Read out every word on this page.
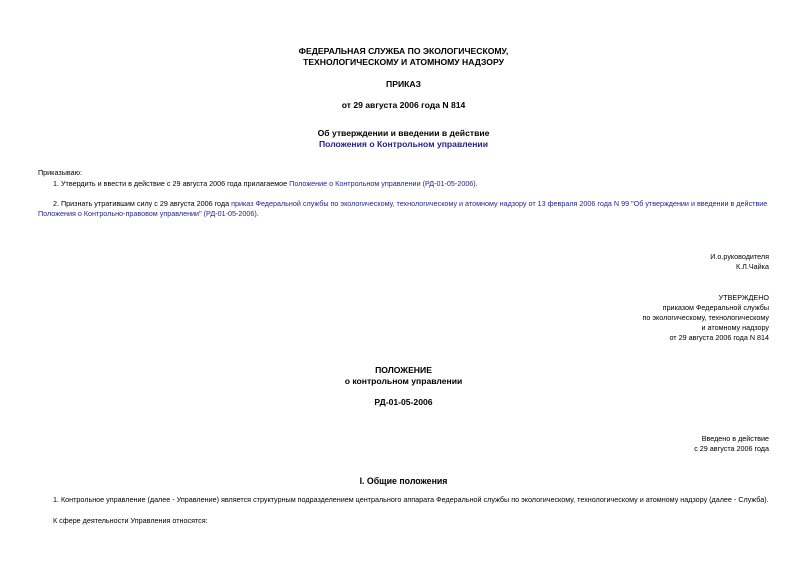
ФЕДЕРАЛЬНАЯ СЛУЖБА ПО ЭКОЛОГИЧЕСКОМУ,
ТЕХНОЛОГИЧЕСКОМУ И АТОМНОМУ НАДЗОРУ
ПРИКАЗ
от 29 августа 2006 года N 814
Об утверждении и введении в действие
Положения о Контрольном управлении
Приказываю:
1. Утвердить и ввести в действие с 29 августа 2006 года прилагаемое Положение о Контрольном управлении (РД-01-05-2006).
2. Признать утратившим силу с 29 августа 2006 года приказ Федеральной службы по экологическому, технологическому и атомному надзору от 13 февраля 2006 года N 99 "Об утверждении и введении в действие Положения о Контрольно-правовом управлении" (РД-01-05-2006).
И.о.руководителя
К.Л.Чайка
УТВЕРЖДЕНО
приказом Федеральной службы
по экологическому, технологическому
и атомному надзору
от 29 августа 2006 года N 814
ПОЛОЖЕНИЕ
о контрольном управлении
РД-01-05-2006
Введено в действие
с 29 августа 2006 года
I. Общие положения
1. Контрольное управление (далее - Управление) является структурным подразделением центрального аппарата Федеральной службы по экологическому, технологическому и атомному надзору (далее - Служба).
К сфере деятельности Управления относятся:
